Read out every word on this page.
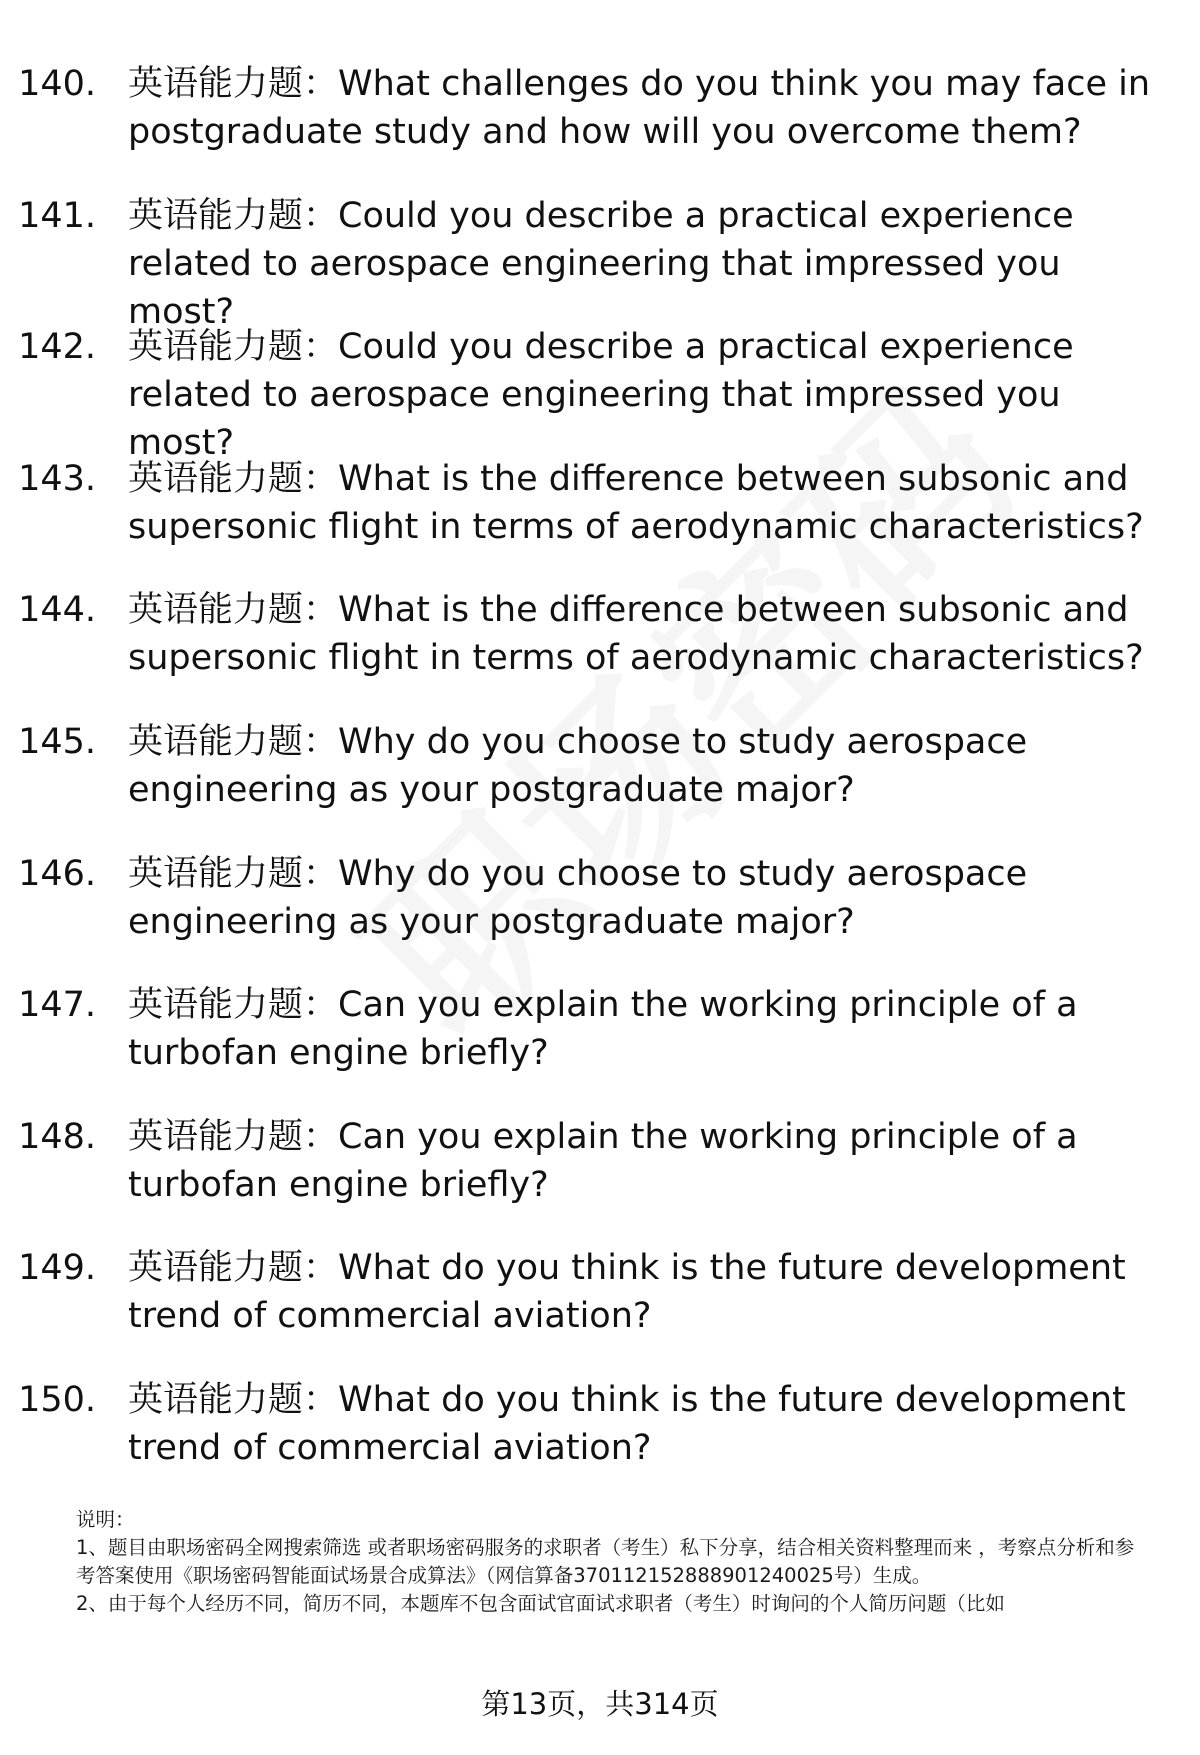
140. 英语能力题：What challenges do you think you may face in postgraduate study and how will you overcome them?
141. 英语能力题：Could you describe a practical experience related to aerospace engineering that impressed you most?
142. 英语能力题：Could you describe a practical experience related to aerospace engineering that impressed you most?
143. 英语能力题：What is the difference between subsonic and supersonic flight in terms of aerodynamic characteristics?
144. 英语能力题：What is the difference between subsonic and supersonic flight in terms of aerodynamic characteristics?
145. 英语能力题：Why do you choose to study aerospace engineering as your postgraduate major?
146. 英语能力题：Why do you choose to study aerospace engineering as your postgraduate major?
147. 英语能力题：Can you explain the working principle of a turbofan engine briefly?
148. 英语能力题：Can you explain the working principle of a turbofan engine briefly?
149. 英语能力题：What do you think is the future development trend of commercial aviation?
150. 英语能力题：What do you think is the future development trend of commercial aviation?

说明：

1、题目由职场密码全网搜索筛选 或者职场密码服务的求职者（考生）私下分享，结合相关资料整理而来 ，考察点分析和参考答案使用《职场密码智能面试场景合成算法》（网信算备370112152888901240025号）生成。

2、由于每个人经历不同，简历不同，本题库不包含面试官面试求职者（考生）时询问的个人简历问题（比如

第13页，共314页
